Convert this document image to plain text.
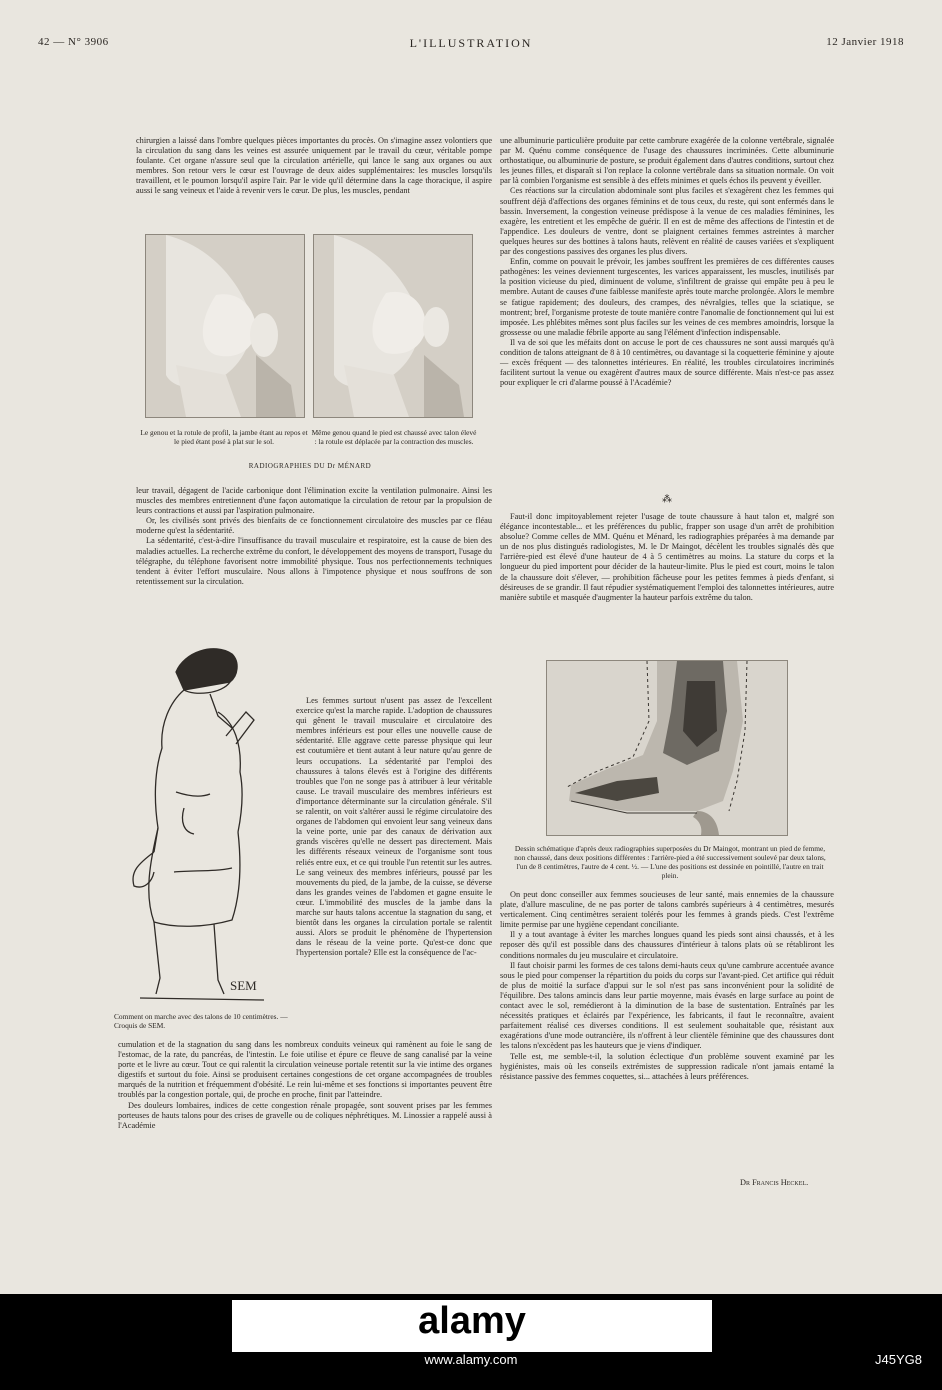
42 — N° 3906	L'ILLUSTRATION	12 Janvier 1918

chirurgien a laissé dans l'ombre quelques pièces importantes du procès. On s'imagine assez volontiers que la circulation du sang dans les veines est assurée uniquement par le travail du cœur, véritable pompe foulante. Cet organe n'assure seul que la circulation artérielle, qui lance le sang aux organes ou aux membres. Son retour vers le cœur est l'ouvrage de deux aides supplémentaires: les muscles lorsqu'ils travaillent, et le poumon lorsqu'il aspire l'air. Par le vide qu'il détermine dans la cage thoracique, il aspire aussi le sang veineux et l'aide à revenir vers le cœur. De plus, les muscles, pendant

Le genou et la rotule de profil, la jambe étant au repos et le pied étant posé à plat sur le sol.
Même genou quand le pied est chaussé avec talon élevé : la rotule est déplacée par la contraction des muscles.
RADIOGRAPHIES DU Dr MÉNARD

leur travail, dégagent de l'acide carbonique dont l'élimination excite la ventilation pulmonaire. Ainsi les muscles des membres entretiennent d'une façon automatique la circulation de retour par la propulsion de leurs contractions et aussi par l'aspiration pulmonaire.

Or, les civilisés sont privés des bienfaits de ce fonctionnement circulatoire des muscles par ce fléau moderne qu'est la sédentarité.

La sédentarité, c'est-à-dire l'insuffisance du travail musculaire et respiratoire, est la cause de bien des maladies actuelles. La recherche extrême du confort, le développement des moyens de transport, l'usage du télégraphe, du téléphone favorisent notre immobilité physique. Tous nos perfectionnements techniques tendent à éviter l'effort musculaire. Nous allons à l'impotence physique et nous souffrons de son retentissement sur la circulation.

SEM

Les femmes surtout n'usent pas assez de l'excellent exercice qu'est la marche rapide. L'adoption de chaussures qui gênent le travail musculaire et circulatoire des membres inférieurs est pour elles une nouvelle cause de sédentarité. Elle aggrave cette paresse physique qui leur est coutumière et tient autant à leur nature qu'au genre de leurs occupations. La sédentarité par l'emploi des chaussures à talons élevés est à l'origine des différents troubles que l'on ne songe pas à attribuer à leur véritable cause. Le travail musculaire des membres inférieurs est d'importance déterminante sur la circulation générale. S'il se ralentit, on voit s'altérer aussi le régime circulatoire des organes de l'abdomen qui envoient leur sang veineux dans la veine porte, unie par des canaux de dérivation aux grands viscères qu'elle ne dessert pas directement. Mais les différents réseaux veineux de l'organisme sont tous reliés entre eux, et ce qui trouble l'un retentit sur les autres. Le sang veineux des membres inférieurs, poussé par les mouvements du pied, de la jambe, de la cuisse, se déverse dans les grandes veines de l'abdomen et gagne ensuite le cœur. L'immobilité des muscles de la jambe dans la marche sur hauts talons accentue la stagnation du sang, et bientôt dans les organes la circulation portale se ralentit aussi. Alors se produit le phénomène de l'hypertension dans le réseau de la veine porte. Qu'est-ce donc que l'hypertension portale? Elle est la conséquence de l'ac-

Comment on marche avec des talons de 10 centimètres. — Croquis de SEM.

cumulation et de la stagnation du sang dans les nombreux conduits veineux qui ramènent au foie le sang de l'estomac, de la rate, du pancréas, de l'intestin. Le foie utilise et épure ce fleuve de sang canalisé par la veine porte et le livre au cœur. Tout ce qui ralentit la circulation veineuse portale retentit sur la vie intime des organes digestifs et surtout du foie. Ainsi se produisent certaines congestions de cet organe accompagnées de troubles marqués de la nutrition et fréquemment d'obésité. Le rein lui-même et ses fonctions si importantes peuvent être troublés par la congestion portale, qui, de proche en proche, finit par l'atteindre.

Des douleurs lombaires, indices de cette congestion rénale propagée, sont souvent prises par les femmes porteuses de hauts talons pour des crises de gravelle ou de coliques néphrétiques. M. Linossier a rappelé aussi à l'Académie

une albuminurie particulière produite par cette cambrure exagérée de la colonne vertébrale, signalée par M. Quénu comme conséquence de l'usage des chaussures incriminées. Cette albuminurie orthostatique, ou albuminurie de posture, se produit également dans d'autres conditions, surtout chez les jeunes filles, et disparaît si l'on replace la colonne vertébrale dans sa situation normale. On voit par là combien l'organisme est sensible à des effets minimes et quels échos ils peuvent y éveiller.

Ces réactions sur la circulation abdominale sont plus faciles et s'exagèrent chez les femmes qui souffrent déjà d'affections des organes féminins et de tous ceux, du reste, qui sont enfermés dans le bassin. Inversement, la congestion veineuse prédispose à la venue de ces maladies féminines, les exagère, les entretient et les empêche de guérir. Il en est de même des affections de l'intestin et de l'appendice. Les douleurs de ventre, dont se plaignent certaines femmes astreintes à marcher quelques heures sur des bottines à talons hauts, relèvent en réalité de causes variées et s'expliquent par des congestions passives des organes les plus divers.

Enfin, comme on pouvait le prévoir, les jambes souffrent les premières de ces différentes causes pathogènes: les veines deviennent turgescentes, les varices apparaissent, les muscles, inutilisés par la position vicieuse du pied, diminuent de volume, s'infiltrent de graisse qui empâte peu à peu le membre. Autant de causes d'une faiblesse manifeste après toute marche prolongée. Alors le membre se fatigue rapidement; des douleurs, des crampes, des névralgies, telles que la sciatique, se montrent; bref, l'organisme proteste de toute manière contre l'anomalie de fonctionnement qui lui est imposée. Les phlébites mêmes sont plus faciles sur les veines de ces membres amoindris, lorsque la grossesse ou une maladie fébrile apporte au sang l'élément d'infection indispensable.

Il va de soi que les méfaits dont on accuse le port de ces chaussures ne sont aussi marqués qu'à condition de talons atteignant de 8 à 10 centimètres, ou davantage si la coquetterie féminine y ajoute — excès fréquent — des talonnettes intérieures. En réalité, les troubles circulatoires incriminés facilitent surtout la venue ou exagèrent d'autres maux de source différente. Mais n'est-ce pas assez pour expliquer le cri d'alarme poussé à l'Académie?

⁂

Faut-il donc impitoyablement rejeter l'usage de toute chaussure à haut talon et, malgré son élégance incontestable... et les préférences du public, frapper son usage d'un arrêt de prohibition absolue? Comme celles de MM. Quénu et Ménard, les radiographies préparées à ma demande par un de nos plus distingués radiologistes, M. le Dr Maingot, décèlent les troubles signalés dès que l'arrière-pied est élevé d'une hauteur de 4 à 5 centimètres au moins. La stature du corps et la longueur du pied importent pour décider de la hauteur-limite. Plus le pied est court, moins le talon de la chaussure doit s'élever, — prohibition fâcheuse pour les petites femmes à pieds d'enfant, si désireuses de se grandir. Il faut répudier systématiquement l'emploi des talonnettes intérieures, autre manière subtile et masquée d'augmenter la hauteur parfois extrême du talon.

Dessin schématique d'après deux radiographies superposées du Dr Maingot, montrant un pied de femme, non chaussé, dans deux positions différentes : l'arrière-pied a été successivement soulevé par deux talons, l'un de 8 centimètres, l'autre de 4 cent. ½. — L'une des positions est dessinée en pointillé, l'autre en trait plein.

On peut donc conseiller aux femmes soucieuses de leur santé, mais ennemies de la chaussure plate, d'allure masculine, de ne pas porter de talons cambrés supérieurs à 4 centimètres, mesurés verticalement. Cinq centimètres seraient tolérés pour les femmes à grands pieds. C'est l'extrême limite permise par une hygiène cependant conciliante.

Il y a tout avantage à éviter les marches longues quand les pieds sont ainsi chaussés, et à les reposer dès qu'il est possible dans des chaussures d'intérieur à talons plats où se rétabliront les conditions normales du jeu musculaire et circulatoire.

Il faut choisir parmi les formes de ces talons demi-hauts ceux qu'une cambrure accentuée avance sous le pied pour compenser la répartition du poids du corps sur l'avant-pied. Cet artifice qui réduit de plus de moitié la surface d'appui sur le sol n'est pas sans inconvénient pour la solidité de l'équilibre. Des talons amincis dans leur partie moyenne, mais évasés en large surface au point de contact avec le sol, remédieront à la diminution de la base de sustentation. Entraînés par les nécessités pratiques et éclairés par l'expérience, les fabricants, il faut le reconnaître, avaient parfaitement réalisé ces diverses conditions. Il est seulement souhaitable que, résistant aux exagérations d'une mode outrancière, ils n'offrent à leur clientèle féminine que des chaussures dont les talons n'excèdent pas les hauteurs que je viens d'indiquer.

Telle est, me semble-t-il, la solution éclectique d'un problème souvent examiné par les hygiénistes, mais où les conseils extrémistes de suppression radicale n'ont jamais entamé la résistance passive des femmes coquettes, si... attachées à leurs préférences.

Dr Francis Heckel.
alamy
J45YG8
www.alamy.com
